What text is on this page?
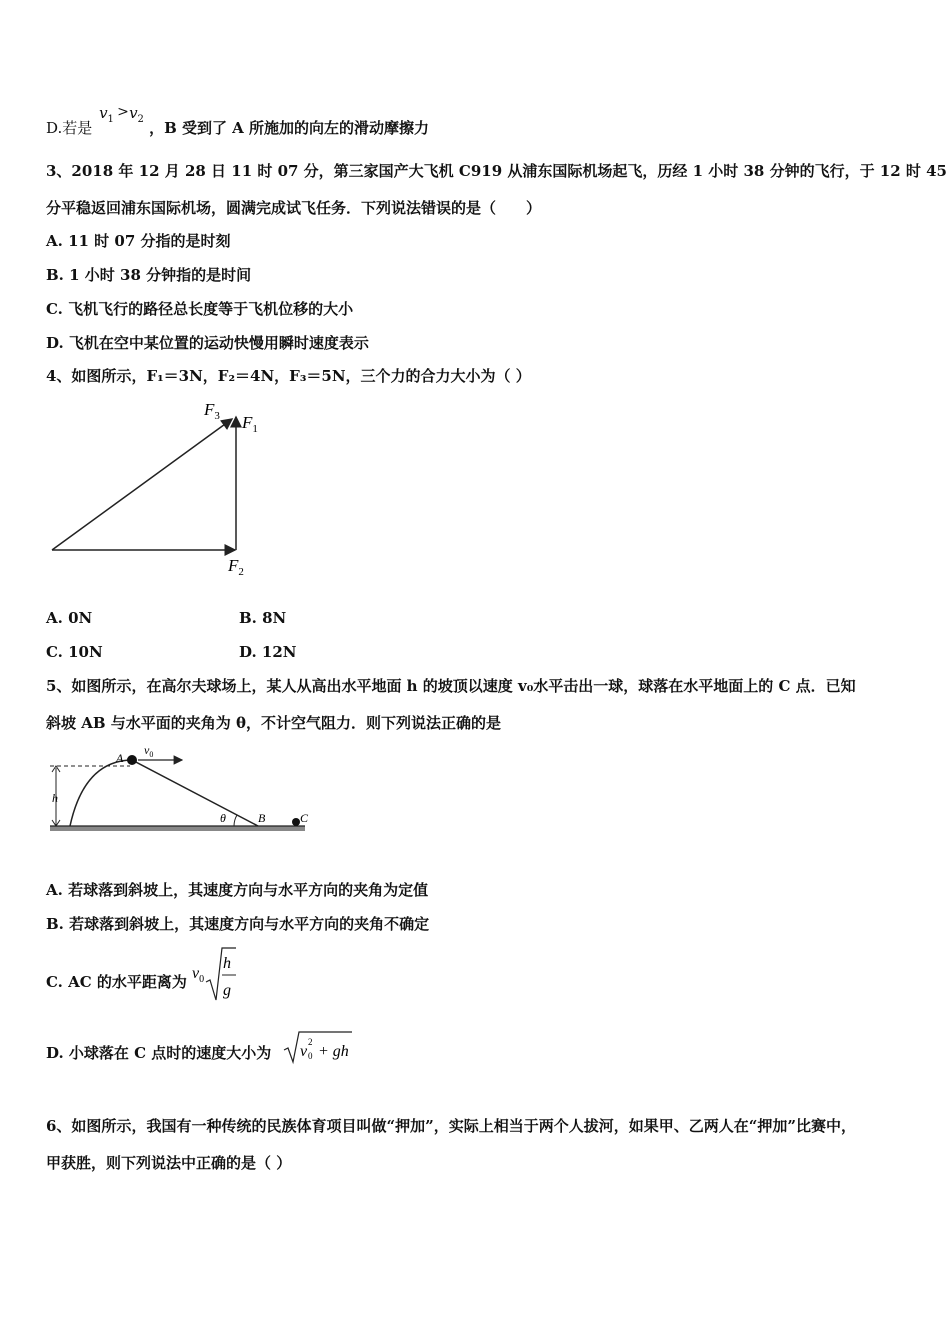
D.若是
$v_1 > v_2$ ，B 受到了 A 所施加的向左的滑动摩擦力
3、2018 年 12 月 28 日 11 时 07 分，第三家国产大飞机 C919 从浦东国际机场起飞，历经 1 小时 38 分钟的飞行，于 12 时 45
分平稳返回浦东国际机场，圆满完成试飞任务．下列说法错误的是（　　）
A. 11 时 07 分指的是时刻
B. 1 小时 38 分钟指的是时间
C. 飞机飞行的路径总长度等于飞机位移的大小
D. 飞机在空中某位置的运动快慢用瞬时速度表示
4、如图所示，F₁＝3N，F₂＝4N，F₃＝5N，三个力的合力大小为（ ）
$F_3$ $F_1$
$F_2$
A. 0N	B. 8N
C. 10N	D. 12N
5、如图所示，在高尔夫球场上，某人从高出水平地面 h 的坡顶以速度 v₀水平击出一球，球落在水平地面上的 C 点．已知
斜坡 AB 与水平面的夹角为 θ，不计空气阻力．则下列说法正确的是
A
$v_0$
h
θ	B	C
A. 若球落到斜坡上，其速度方向与水平方向的夹角为定值
B. 若球落到斜坡上，其速度方向与水平方向的夹角不确定
C. AC 的水平距离为 $v_0$
h
g
D. 小球落在 C 点时的速度大小为 v
2
0 + gh
6、如图所示，我国有一种传统的民族体育项目叫做“押加”，实际上相当于两个人拔河，如果甲、乙两人在“押加”比赛中，
甲获胜，则下列说法中正确的是（ ）
